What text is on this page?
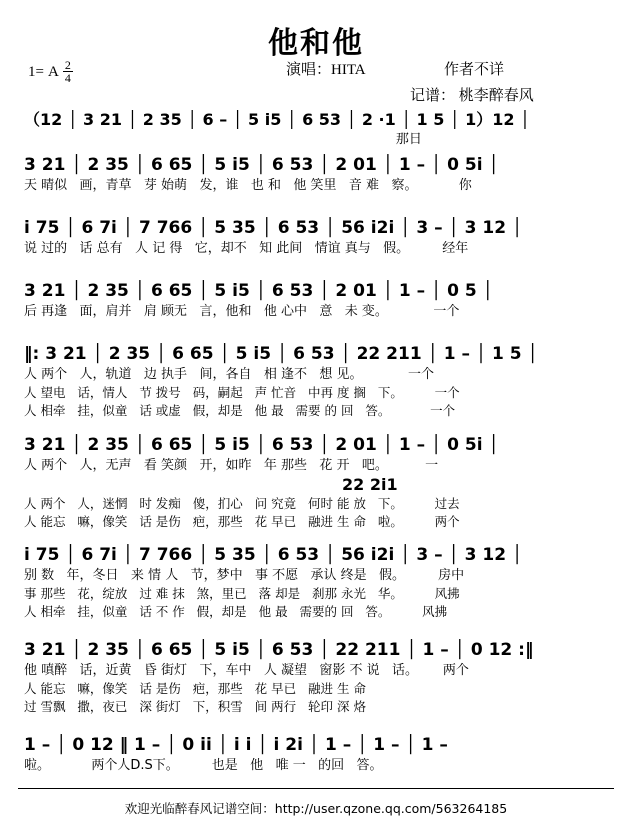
他和他
1= A $\frac{2}{4}$	演唱：HITA	作者不详
记谱： 桃李醉春风
（12 │ 3 21 │ 2 35 │ 6 – │ 5 i5 │ 6 53 │ 2 ·1 │ 1 5 │ 1）12 │
那日
3 21 │ 2 35 │ 6 65 │ 5 i5 │ 6 53 │ 2 01 │ 1 – │ 0 5i │
天 晴似   画，青草   芽 始萌   发，谁   也 和   他 笑里   音 难   察。          你
i 75 │ 6 7i │ 7 766 │ 5 35 │ 6 53 │ 56 i2i │ 3 – │ 3 12 │
说 过的   话 总有   人 记 得   它，却不   知 此间   情谊 真与   假。        经年
3 21 │ 2 35 │ 6 65 │ 5 i5 │ 6 53 │ 2 01 │ 1 – │ 0 5 │
后 再逢   面，肩并   肩 顾无   言，他和   他 心中   意   未 变。           一个
‖: 3 21 │ 2 35 │ 6 65 │ 5 i5 │ 6 53 │ 22 211 │ 1 – │ 1 5 │
人 两个   人，轨道   边 执手   间，各自   相 逢不   想 见。           一个
人 望电   话，情人   节 拨号   码，嗣起   声 忙音   中再 度 搁   下。        一个
人 相牵   挂，似童   话 或虚   假，却是   他 最   需要 的 回   答。          一个
3 21 │ 2 35 │ 6 65 │ 5 i5 │ 6 53 │ 2 01 │ 1 – │ 0 5i │
人 两个   人，无声   看 笑颜   开，如昨   年 那些   花 开   吧。         一
22 2i1
人 两个   人，迷惘   时 发痴   傻，扪心   问 究竟   何时 能 放   下。        过去
人 能忘   嘛，像笑   话 是伤   疤，那些   花 早已   融进 生 命   啦。        两个
i 75 │ 6 7i │ 7 766 │ 5 35 │ 6 53 │ 56 i2i │ 3 – │ 3 12 │
别 数   年，冬日   来 情 人   节，梦中   事 不愿   承认 终是   假。        房中
事 那些   花，绽放   过 难 抹   煞，里已   落 却是   刹那 永光   华。        风拂
人 相牵   挂，似童   话 不 作   假，却是   他 最   需要的 回   答。        风拂
3 21 │ 2 35 │ 6 65 │ 5 i5 │ 6 53 │ 22 211 │ 1 – │ 0 12 :‖
他 嗔醉   话，近黄   昏 街灯   下，车中   人 凝望   窗影 不 说   话。      两个
人 能忘   嘛，像笑   话 是伤   疤，那些   花 早已   融进 生 命
过 雪飘   撒，夜已   深 街灯   下，积雪   间 两行   轮印 深 烙
1 – │ 0 12 ‖ 1 – │ 0 ii │ i i │ i 2i │ 1 – │ 1 – │ 1 –
啦。          两个人D.S下。        也是   他   唯 一   的回   答。
欢迎光临醉春风记谱空间：http://user.qzone.qq.com/563264185
